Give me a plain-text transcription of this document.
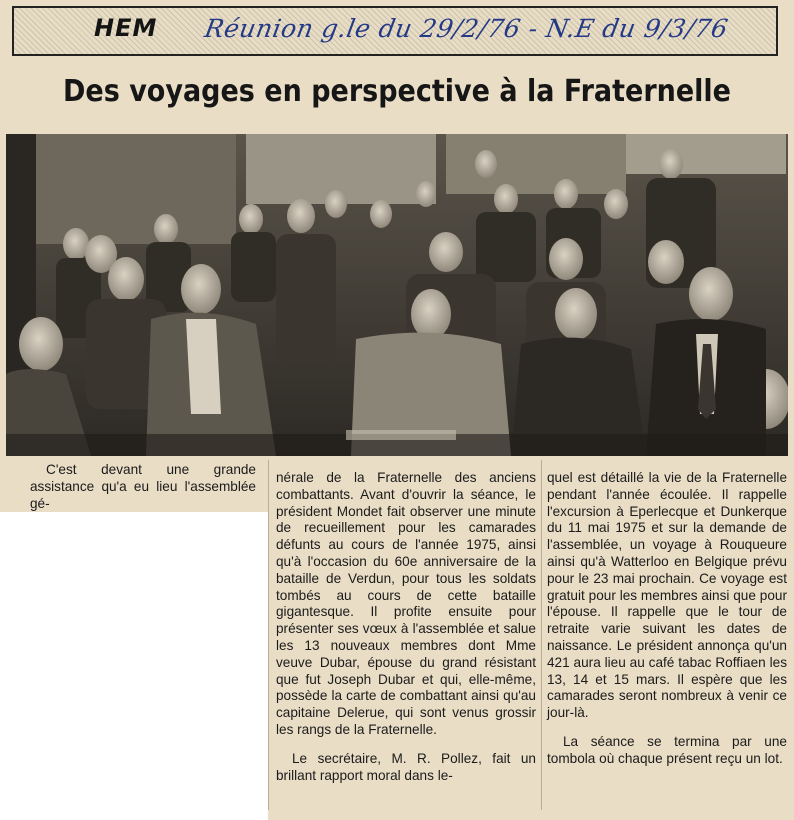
HEM Réunion g.le du 29/2/76 - N.E du 9/3/76
Des voyages en perspective à la Fraternelle

C'est devant une grande assistance qu'a eu lieu l'assemblée gé-

nérale de la Fraternelle des anciens combattants. Avant d'ouvrir la séance, le président Mondet fait observer une minute de recueillement pour les camarades défunts au cours de l'année 1975, ainsi qu'à l'occasion du 60e anniversaire de la bataille de Verdun, pour tous les soldats tombés au cours de cette bataille gigantesque. Il profite ensuite pour présenter ses vœux à l'assemblée et salue les 13 nouveaux membres dont Mme veuve Dubar, épouse du grand résistant que fut Joseph Dubar et qui, elle-même, possède la carte de combattant ainsi qu'au capitaine Delerue, qui sont venus grossir les rangs de la Fraternelle.

Le secrétaire, M. R. Pollez, fait un brillant rapport moral dans le-

quel est détaillé la vie de la Fraternelle pendant l'année écoulée. Il rappelle l'excursion à Eperlecque et Dunkerque du 11 mai 1975 et sur la demande de l'assemblée, un voyage à Rouqueure ainsi qu'à Watterloo en Belgique prévu pour le 23 mai prochain. Ce voyage est gratuit pour les membres ainsi que pour l'épouse. Il rappelle que le tour de retraite varie suivant les dates de naissance. Le président annonça qu'un 421 aura lieu au café tabac Roffiaen les 13, 14 et 15 mars. Il espère que les camarades seront nombreux à venir ce jour-là.

La séance se termina par une tombola où chaque présent reçu un lot.
